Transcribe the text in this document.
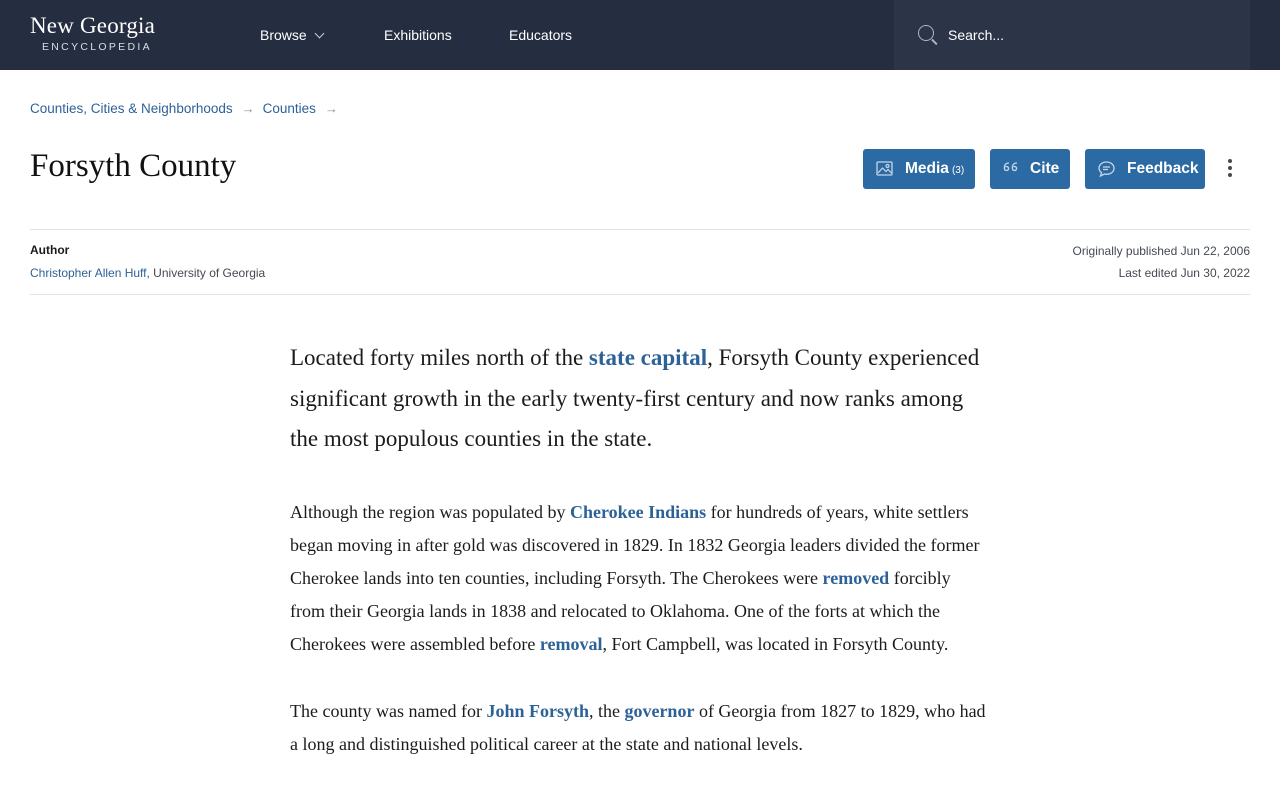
New Georgia
ENCYCLOPEDIA
Browse	Exhibitions	Educators
Search...
Counties, Cities & Neighborhoods → Counties →
Forsyth County	Media (3)	Cite	Feedback
Author
Christopher Allen Huff, University of Georgia
Originally published Jun 22, 2006
Last edited Jun 30, 2022

Located forty miles north of the state capital, Forsyth County experienced significant growth in the early twenty-first century and now ranks among the most populous counties in the state.

Although the region was populated by Cherokee Indians for hundreds of years, white settlers began moving in after gold was discovered in 1829. In 1832 Georgia leaders divided the former Cherokee lands into ten counties, including Forsyth. The Cherokees were removed forcibly from their Georgia lands in 1838 and relocated to Oklahoma. One of the forts at which the Cherokees were assembled before removal, Fort Campbell, was located in Forsyth County.

The county was named for John Forsyth, the governor of Georgia from 1827 to 1829, who had a long and distinguished political career at the state and national levels.
